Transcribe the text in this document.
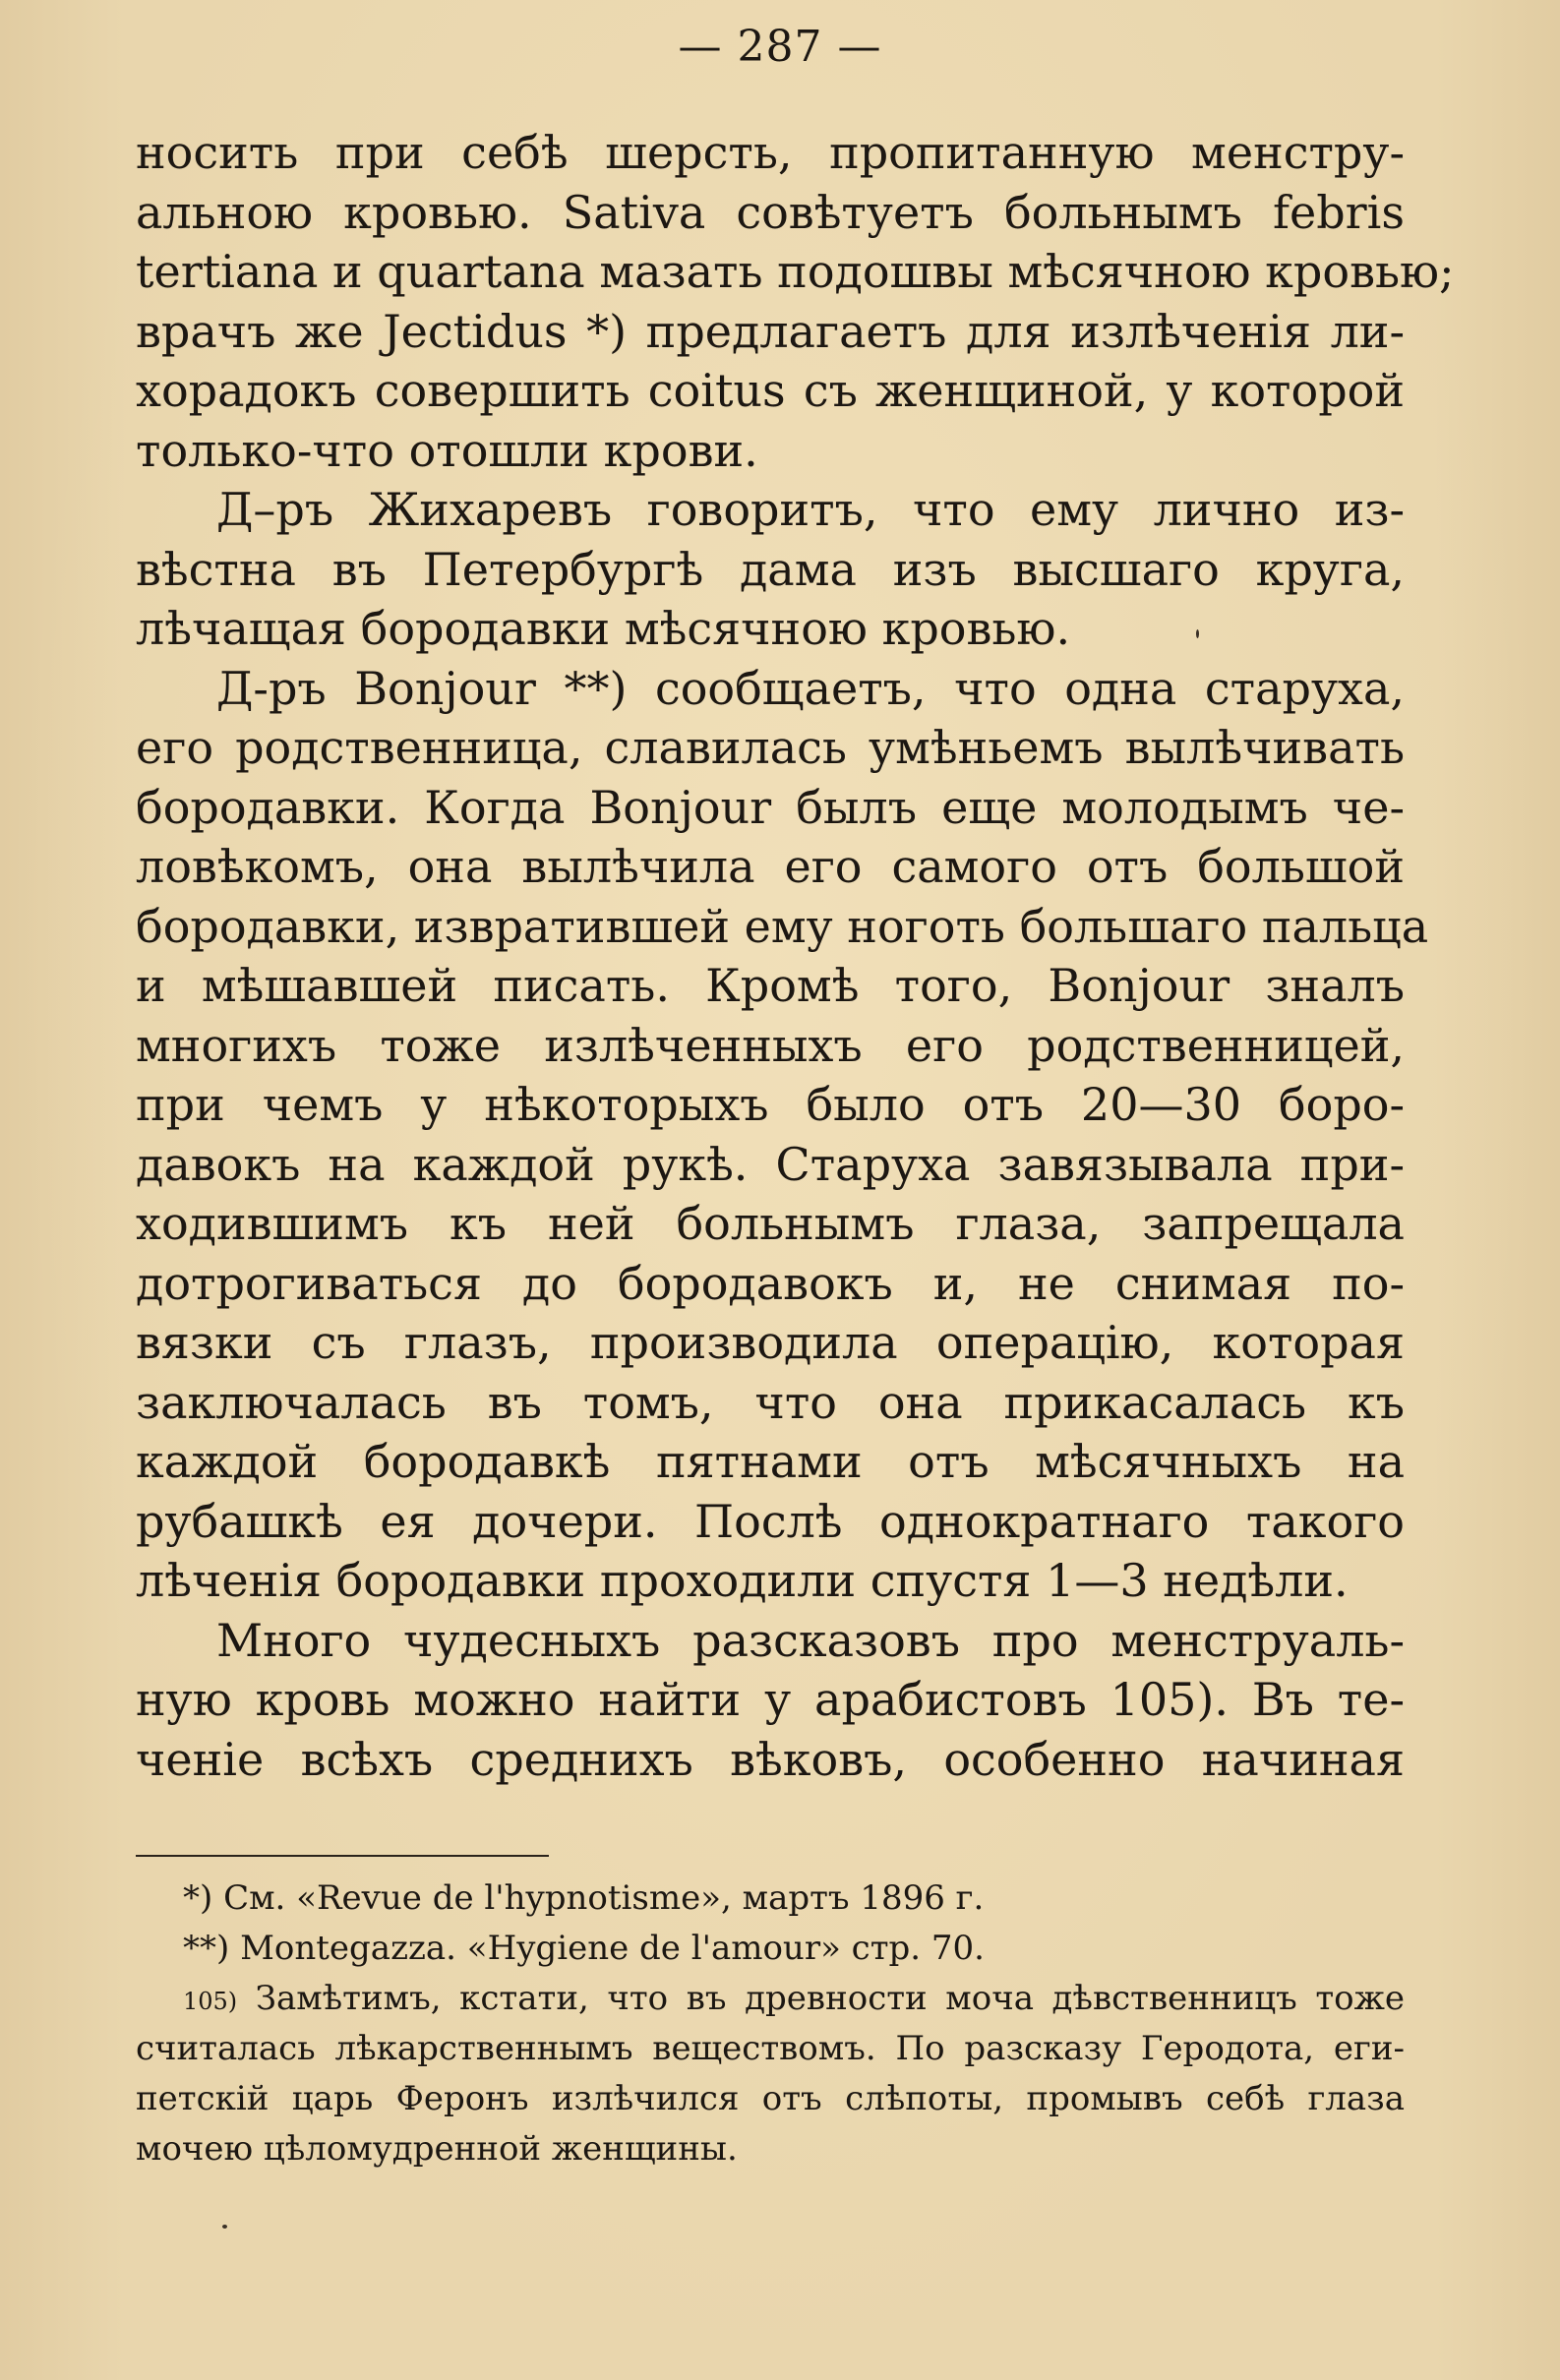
— 287 —

носить при себѣ шерсть, пропитанную менстру-
альною кровью. Sativa совѣтуетъ больнымъ febris
tertiana и quartana мазать подошвы мѣсячною кровью;
врачъ же Jectidus *) предлагаетъ для излѣченія ли-
хорадокъ совершить coitus съ женщиной, у которой
только-что отошли крови.

Д–ръ Жихаревъ говоритъ, что ему лично из-
вѣстна въ Петербургѣ дама изъ высшаго круга,
лѣчащая бородавки мѣсячною кровью.

Д-ръ Bonjour **) сообщаетъ, что одна старуха,
его родственница, славилась умѣньемъ вылѣчивать
бородавки. Когда Bonjour былъ еще молодымъ че-
ловѣкомъ, она вылѣчила его самого отъ большой
бородавки, извратившей ему ноготь большаго пальца
и мѣшавшей писать. Кромѣ того, Bonjour зналъ
многихъ тоже излѣченныхъ его родственницей,
при чемъ у нѣкоторыхъ было отъ 20—30 боро-
давокъ на каждой рукѣ. Старуха завязывала при-
ходившимъ къ ней больнымъ глаза, запрещала
дотрогиваться до бородавокъ и, не снимая по-
вязки съ глазъ, производила операцію, которая
заключалась въ томъ, что она прикасалась къ
каждой бородавкѣ пятнами отъ мѣсячныхъ на
рубашкѣ ея дочери. Послѣ однократнаго такого
лѣченія бородавки проходили спустя 1—3 недѣли.

Много чудесныхъ разсказовъ про менструаль-
ную кровь можно найти у арабистовъ 105). Въ те-
ченіе всѣхъ среднихъ вѣковъ, особенно начиная

*) См. «Revue de l'hypnotisme», мартъ 1896 г.
**) Montegazza. «Hygiene de l'amour» стр. 70.
105) Замѣтимъ, кстати, что въ древности моча дѣвственницъ тоже
считалась лѣкарственнымъ веществомъ. По разсказу Геродота, еги-
петскій царь Феронъ излѣчился отъ слѣпоты, промывъ себѣ глаза
мочею цѣломудренной женщины.
